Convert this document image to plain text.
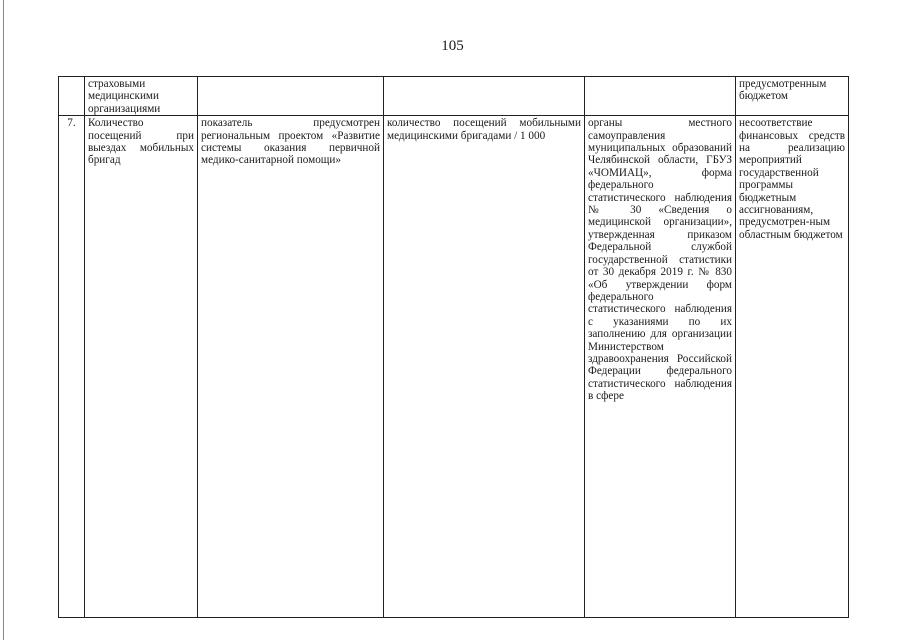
105
	страховыми медицинскими организациями				предусмотренным бюджетом
7.	Количество посещений при выездах мобильных бригад	показатель предусмотрен региональным проектом «Развитие системы оказания первичной медико-санитарной помощи»	количество посещений мобильными медицинскими бригадами / 1 000	органы местного самоуправления муниципальных образований Челябинской области, ГБУЗ «ЧОМИАЦ», форма федерального статистического наблюдения № 30 «Сведения о медицинской организации», утвержденная приказом Федеральной службой государственной статистики от 30 декабря 2019 г. № 830 «Об утверждении форм федерального статистического наблюдения с указаниями по их заполнению для организации Министерством здравоохранения Российской Федерации федерального статистического наблюдения в сфере	несоответствие финансовых средств на реализацию мероприятий государственной программы бюджетным ассигнованиям, предусмотрен-ным областным бюджетом
